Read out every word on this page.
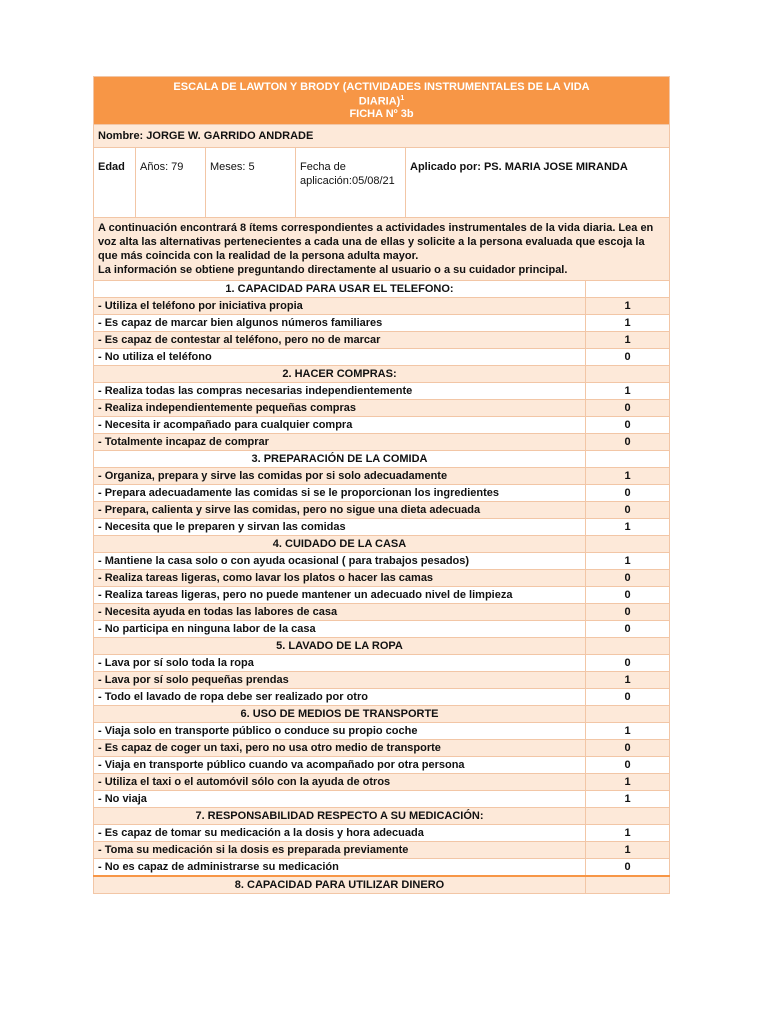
ESCALA DE LAWTON Y BRODY (ACTIVIDADES INSTRUMENTALES DE LA VIDA
DIARIA)$^1$
FICHA Nº 3b					

Nombre: JORGE W. GARRIDO ANDRADE					
Edad	Años: 79	Meses: 5	Fecha de aplicación:05/08/21	Aplicado por: PS. MARIA JOSE MIRANDA	

A continuación encontrará 8 ítems correspondientes a actividades instrumentales de la vida diaria. Lea en voz alta las alternativas pertenecientes a cada una de ellas y solicite a la persona evaluada que escoja la que más coincida con la realidad de la persona adulta mayor.
La información se obtiene preguntando directamente al usuario o a su cuidador principal.					

1. CAPACIDAD PARA USAR EL TELEFONO:					
- Utiliza el teléfono por iniciativa propia					1
- Es capaz de marcar bien algunos números familiares					1
- Es capaz de contestar al teléfono, pero no de marcar					1
- No utiliza el teléfono					0
2. HACER COMPRAS:					
- Realiza todas las compras necesarias independientemente					1
- Realiza independientemente pequeñas compras					0
- Necesita ir acompañado para cualquier compra					0
- Totalmente incapaz de comprar					0
3. PREPARACIÓN DE LA COMIDA					
- Organiza, prepara y sirve las comidas por si solo adecuadamente					1
- Prepara adecuadamente las comidas si se le proporcionan los ingredientes					0
- Prepara, calienta y sirve las comidas, pero no sigue una dieta adecuada					0
- Necesita que le preparen y sirvan las comidas					1
4. CUIDADO DE LA CASA					
- Mantiene la casa solo o con ayuda ocasional ( para trabajos pesados)					1
- Realiza tareas ligeras, como lavar los platos o hacer las camas					0
- Realiza tareas ligeras, pero no puede mantener un adecuado nivel de limpieza					0
- Necesita ayuda en todas las labores de casa					0
- No participa en ninguna labor de la casa					0
5. LAVADO DE LA ROPA					
- Lava por sí solo toda la ropa					0
- Lava por sí solo pequeñas prendas					1
- Todo el lavado de ropa debe ser realizado por otro					0
6. USO DE MEDIOS DE TRANSPORTE					
- Viaja solo en transporte público o conduce su propio coche					1
- Es capaz de coger un taxi, pero no usa otro medio de transporte					0
- Viaja en transporte público cuando va acompañado por otra persona					0
- Utiliza el taxi o el automóvil sólo con la ayuda de otros					1
- No viaja					1
7. RESPONSABILIDAD RESPECTO A SU MEDICACIÓN:					
- Es capaz de tomar su medicación a la dosis y hora adecuada					1
- Toma su medicación si la dosis es preparada previamente					1
- No es capaz de administrarse su medicación					0
8. CAPACIDAD PARA UTILIZAR DINERO					
